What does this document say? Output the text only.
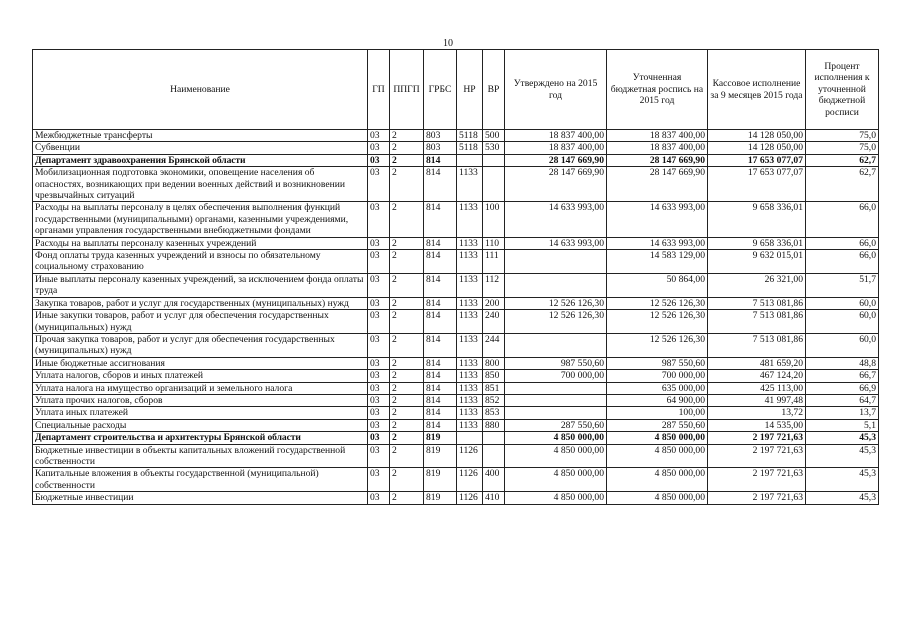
10
Наименование	ГП	ППГП	ГРБС	НР	ВР	Утверждено на 2015 год	Уточненная бюджетная роспись на 2015 год	Кассовое исполнение за 9 месяцев 2015 года	Процент исполнения к уточненной бюджетной росписи
Межбюджетные трансферты	03	2	803	5118	500	18 837 400,00	18 837 400,00	14 128 050,00	75,0
Субвенции	03	2	803	5118	530	18 837 400,00	18 837 400,00	14 128 050,00	75,0
Департамент здравоохранения Брянской области	03	2	814			28 147 669,90	28 147 669,90	17 653 077,07	62,7
Мобилизационная подготовка экономики, оповещение населения об опасностях, возникающих при ведении военных действий и возникновении чрезвычайных ситуаций	03	2	814	1133		28 147 669,90	28 147 669,90	17 653 077,07	62,7
Расходы на выплаты персоналу в целях обеспечения выполнения функций государственными (муниципальными) органами, казенными учреждениями, органами управления государственными внебюджетными фондами	03	2	814	1133	100	14 633 993,00	14 633 993,00	9 658 336,01	66,0
Расходы на выплаты персоналу казенных учреждений	03	2	814	1133	110	14 633 993,00	14 633 993,00	9 658 336,01	66,0
Фонд оплаты труда казенных учреждений и взносы по обязательному социальному страхованию	03	2	814	1133	111		14 583 129,00	9 632 015,01	66,0
Иные выплаты персоналу казенных учреждений, за исключением фонда оплаты труда	03	2	814	1133	112		50 864,00	26 321,00	51,7
Закупка товаров, работ и услуг для государственных (муниципальных) нужд	03	2	814	1133	200	12 526 126,30	12 526 126,30	7 513 081,86	60,0
Иные закупки товаров, работ и услуг для обеспечения государственных (муниципальных) нужд	03	2	814	1133	240	12 526 126,30	12 526 126,30	7 513 081,86	60,0
Прочая закупка товаров, работ и услуг для обеспечения государственных (муниципальных) нужд	03	2	814	1133	244		12 526 126,30	7 513 081,86	60,0
Иные бюджетные ассигнования	03	2	814	1133	800	987 550,60	987 550,60	481 659,20	48,8
Уплата налогов, сборов и иных платежей	03	2	814	1133	850	700 000,00	700 000,00	467 124,20	66,7
Уплата налога на имущество организаций и земельного налога	03	2	814	1133	851		635 000,00	425 113,00	66,9
Уплата прочих налогов, сборов	03	2	814	1133	852		64 900,00	41 997,48	64,7
Уплата иных платежей	03	2	814	1133	853		100,00	13,72	13,7
Специальные расходы	03	2	814	1133	880	287 550,60	287 550,60	14 535,00	5,1
Департамент строительства и архитектуры Брянской области	03	2	819			4 850 000,00	4 850 000,00	2 197 721,63	45,3
Бюджетные инвестиции в объекты капитальных вложений государственной собственности	03	2	819	1126		4 850 000,00	4 850 000,00	2 197 721,63	45,3
Капитальные вложения в объекты государственной (муниципальной) собственности	03	2	819	1126	400	4 850 000,00	4 850 000,00	2 197 721,63	45,3
Бюджетные инвестиции	03	2	819	1126	410	4 850 000,00	4 850 000,00	2 197 721,63	45,3
